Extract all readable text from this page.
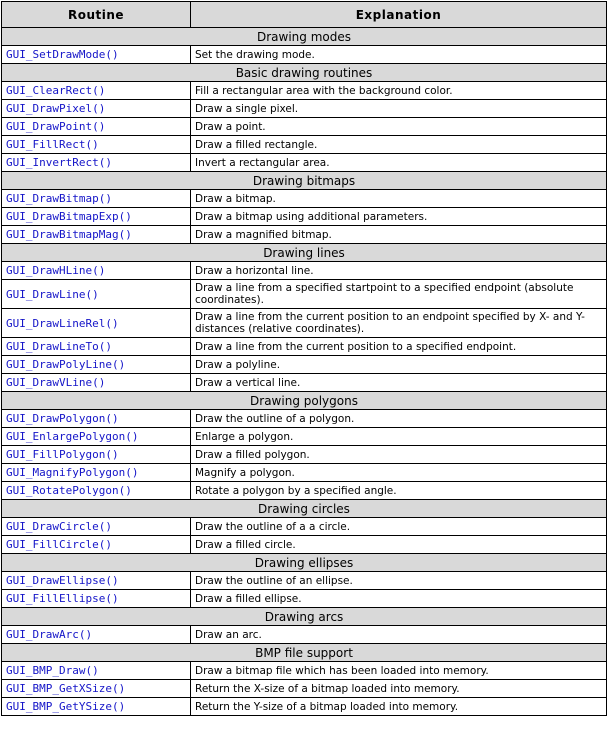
Routine	Explanation
Drawing modes	
GUI_SetDrawMode()	Set the drawing mode.
Basic drawing routines	
GUI_ClearRect()	Fill a rectangular area with the background color.
GUI_DrawPixel()	Draw a single pixel.
GUI_DrawPoint()	Draw a point.
GUI_FillRect()	Draw a filled rectangle.
GUI_InvertRect()	Invert a rectangular area.
Drawing bitmaps	
GUI_DrawBitmap()	Draw a bitmap.
GUI_DrawBitmapExp()	Draw a bitmap using additional parameters.
GUI_DrawBitmapMag()	Draw a magnified bitmap.
Drawing lines	
GUI_DrawHLine()	Draw a horizontal line.
GUI_DrawLine()	Draw a line from a specified startpoint to a specified endpoint (absolute coordinates).
GUI_DrawLineRel()	Draw a line from the current position to an endpoint specified by X- and Y-distances (relative coordinates).
GUI_DrawLineTo()	Draw a line from the current position to a specified endpoint.
GUI_DrawPolyLine()	Draw a polyline.
GUI_DrawVLine()	Draw a vertical line.
Drawing polygons	
GUI_DrawPolygon()	Draw the outline of a polygon.
GUI_EnlargePolygon()	Enlarge a polygon.
GUI_FillPolygon()	Draw a filled polygon.
GUI_MagnifyPolygon()	Magnify a polygon.
GUI_RotatePolygon()	Rotate a polygon by a specified angle.
Drawing circles	
GUI_DrawCircle()	Draw the outline of a a circle.
GUI_FillCircle()	Draw a filled circle.
Drawing ellipses	
GUI_DrawEllipse()	Draw the outline of an ellipse.
GUI_FillEllipse()	Draw a filled ellipse.
Drawing arcs	
GUI_DrawArc()	Draw an arc.
BMP file support	
GUI_BMP_Draw()	Draw a bitmap file which has been loaded into memory.
GUI_BMP_GetXSize()	Return the X-size of a bitmap loaded into memory.
GUI_BMP_GetYSize()	Return the Y-size of a bitmap loaded into memory.
